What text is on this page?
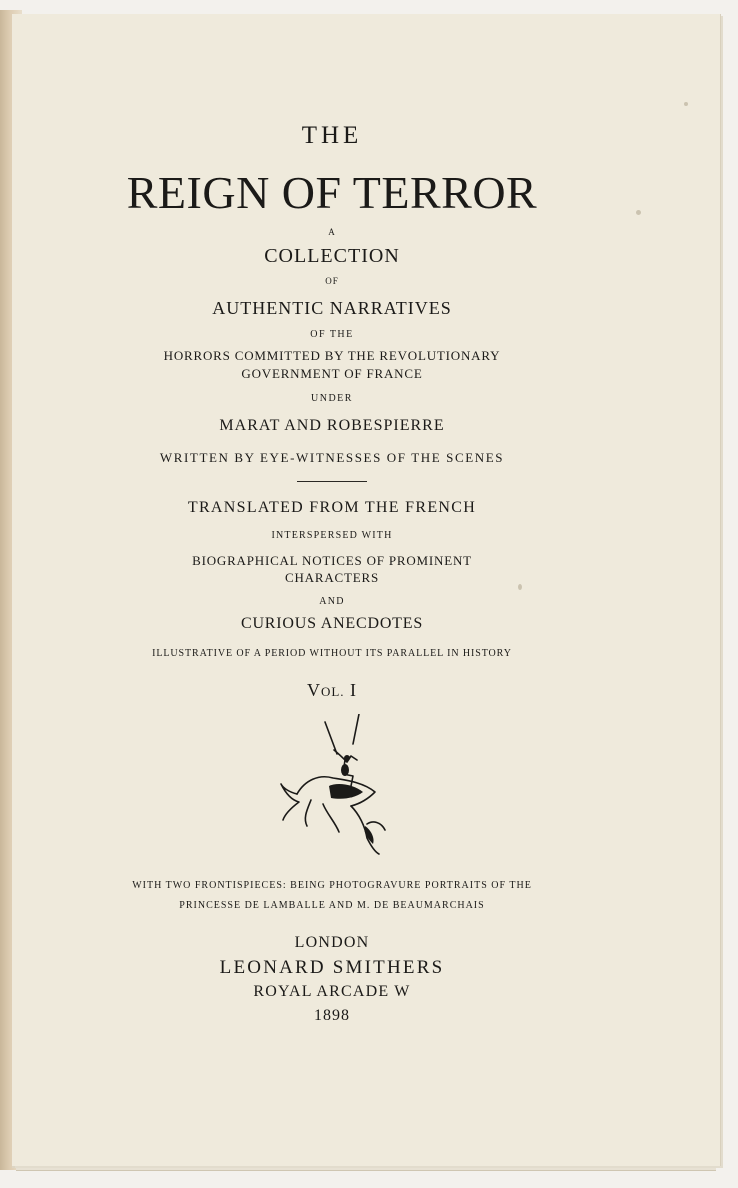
THE
REIGN OF TERROR
A
COLLECTION
OF
AUTHENTIC NARRATIVES
OF THE
HORRORS COMMITTED BY THE REVOLUTIONARY
GOVERNMENT OF FRANCE
UNDER
MARAT AND ROBESPIERRE
WRITTEN BY EYE-WITNESSES OF THE SCENES
TRANSLATED FROM THE FRENCH
INTERSPERSED WITH
BIOGRAPHICAL NOTICES OF PROMINENT
CHARACTERS
AND
CURIOUS ANECDOTES
ILLUSTRATIVE OF A PERIOD WITHOUT ITS PARALLEL IN HISTORY
VOL. I
WITH TWO FRONTISPIECES: BEING PHOTOGRAVURE PORTRAITS OF THE
PRINCESSE DE LAMBALLE AND M. DE BEAUMARCHAIS
LONDON
LEONARD SMITHERS
ROYAL ARCADE W
1898
